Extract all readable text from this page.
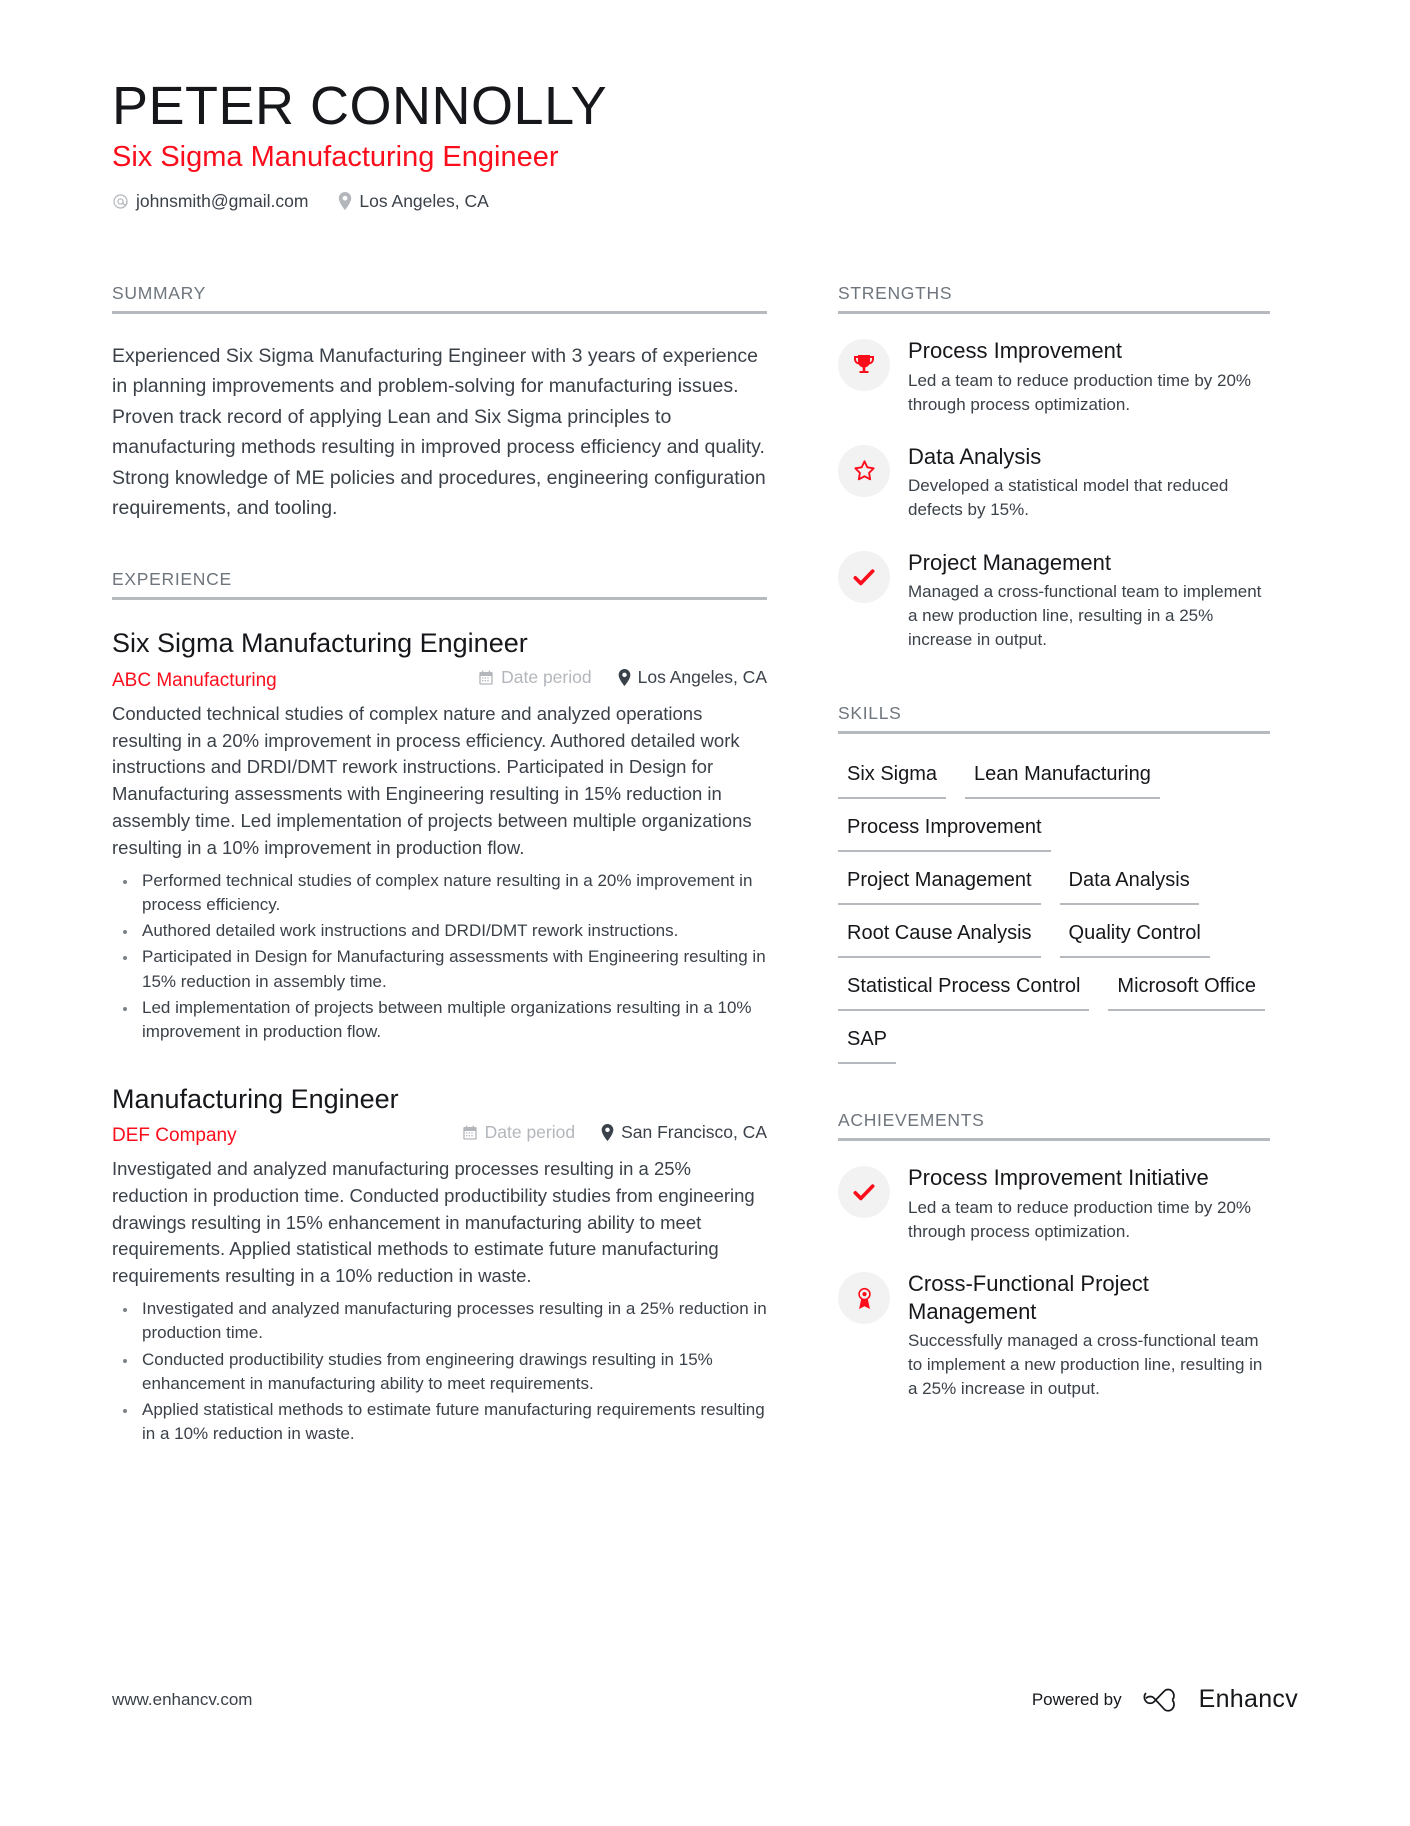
PETER CONNOLLY
Six Sigma Manufacturing Engineer
johnsmith@gmail.com	Los Angeles, CA
SUMMARY
Experienced Six Sigma Manufacturing Engineer with 3 years of experience in planning improvements and problem-solving for manufacturing issues. Proven track record of applying Lean and Six Sigma principles to manufacturing methods resulting in improved process efficiency and quality. Strong knowledge of ME policies and procedures, engineering configuration requirements, and tooling.
EXPERIENCE
Six Sigma Manufacturing Engineer
ABC Manufacturing	Date period	Los Angeles, CA
Conducted technical studies of complex nature and analyzed operations resulting in a 20% improvement in process efficiency. Authored detailed work instructions and DRDI/DMT rework instructions. Participated in Design for Manufacturing assessments with Engineering resulting in 15% reduction in assembly time. Led implementation of projects between multiple organizations resulting in a 10% improvement in production flow.
Performed technical studies of complex nature resulting in a 20% improvement in process efficiency.
Authored detailed work instructions and DRDI/DMT rework instructions.
Participated in Design for Manufacturing assessments with Engineering resulting in 15% reduction in assembly time.
Led implementation of projects between multiple organizations resulting in a 10% improvement in production flow.
Manufacturing Engineer
DEF Company	Date period	San Francisco, CA
Investigated and analyzed manufacturing processes resulting in a 25% reduction in production time. Conducted productibility studies from engineering drawings resulting in 15% enhancement in manufacturing ability to meet requirements. Applied statistical methods to estimate future manufacturing requirements resulting in a 10% reduction in waste.
Investigated and analyzed manufacturing processes resulting in a 25% reduction in production time.
Conducted productibility studies from engineering drawings resulting in 15% enhancement in manufacturing ability to meet requirements.
Applied statistical methods to estimate future manufacturing requirements resulting in a 10% reduction in waste.
STRENGTHS
Process Improvement
Led a team to reduce production time by 20% through process optimization.
Data Analysis
Developed a statistical model that reduced defects by 15%.
Project Management
Managed a cross-functional team to implement a new production line, resulting in a 25% increase in output.
SKILLS
Six Sigma	Lean Manufacturing
Process Improvement
Project Management	Data Analysis
Root Cause Analysis	Quality Control
Statistical Process Control	Microsoft Office
SAP
ACHIEVEMENTS
Process Improvement Initiative
Led a team to reduce production time by 20% through process optimization.
Cross-Functional Project Management
Successfully managed a cross-functional team to implement a new production line, resulting in a 25% increase in output.
www.enhancv.com	Powered by	Enhancv
